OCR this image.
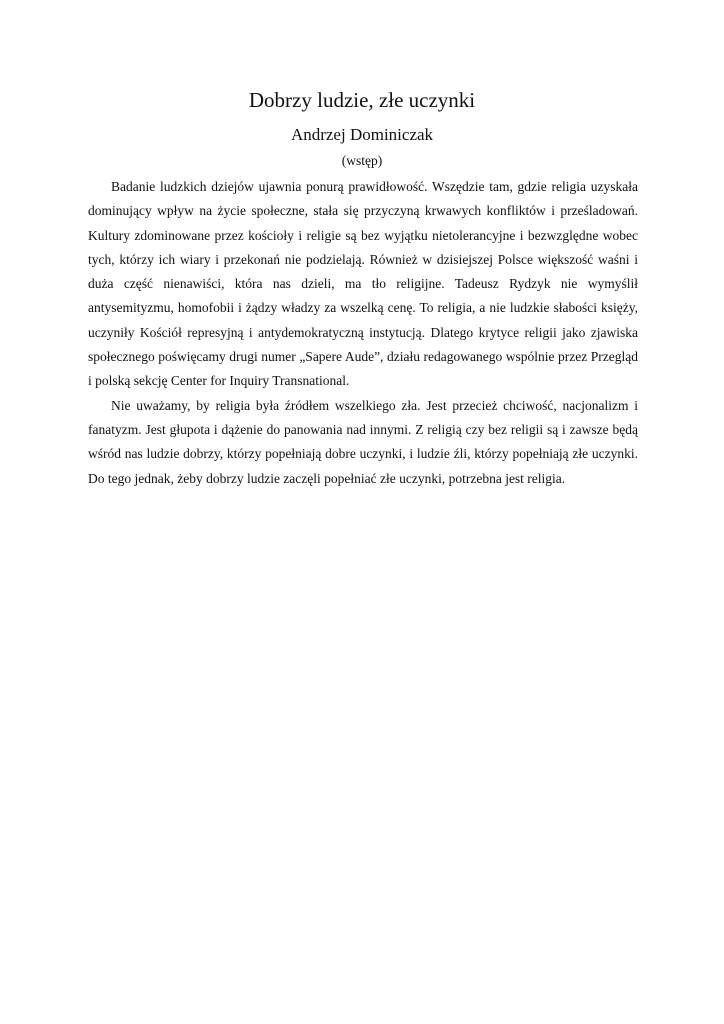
Dobrzy ludzie, złe uczynki
Andrzej Dominiczak
(wstęp)

Badanie ludzkich dziejów ujawnia ponurą prawidłowość. Wszędzie tam, gdzie religia uzyskała dominujący wpływ na życie społeczne, stała się przyczyną krwawych konfliktów i prześladowań. Kultury zdominowane przez kościoły i religie są bez wyjątku nietolerancyjne i bezwzględne wobec tych, którzy ich wiary i przekonań nie podzielają. Również w dzisiejszej Polsce większość waśni i duża część nienawiści, która nas dzieli, ma tło religijne. Tadeusz Rydzyk nie wymyślił antysemityzmu, homofobii i żądzy władzy za wszelką cenę. To religia, a nie ludzkie słabości księży, uczyniły Kościół represyjną i antydemokratyczną instytucją. Dlatego krytyce religii jako zjawiska społecznego poświęcamy drugi numer „Sapere Aude”, działu redagowanego wspólnie przez Przegląd i polską sekcję Center for Inquiry Transnational.

Nie uważamy, by religia była źródłem wszelkiego zła. Jest przecież chciwość, nacjonalizm i fanatyzm. Jest głupota i dążenie do panowania nad innymi. Z religią czy bez religii są i zawsze będą wśród nas ludzie dobrzy, którzy popełniają dobre uczynki, i ludzie źli, którzy popełniają złe uczynki. Do tego jednak, żeby dobrzy ludzie zaczęli popełniać złe uczynki, potrzebna jest religia.
